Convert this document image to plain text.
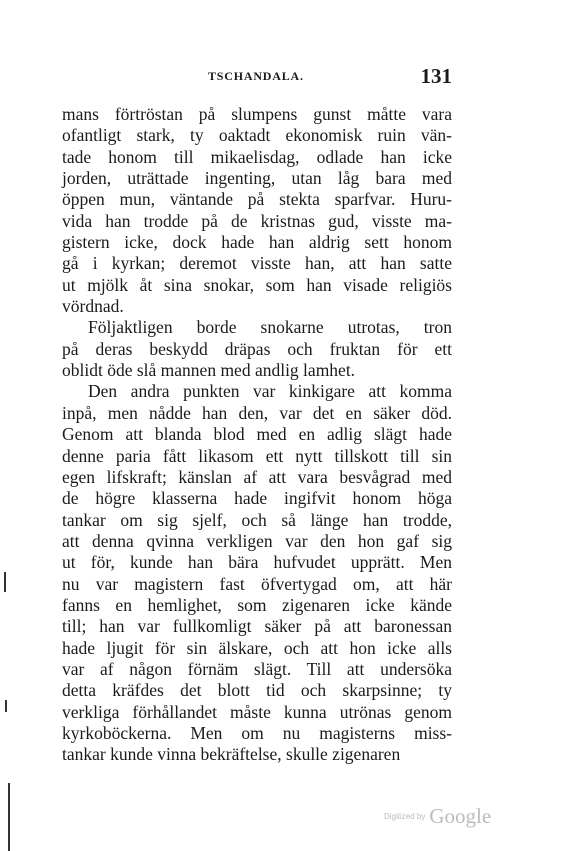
TSCHANDALA.	131
mans förtröstan på slumpens gunst måtte vara
ofantligt stark, ty oaktadt ekonomisk ruin vän-
tade honom till mikaelisdag, odlade han icke
jorden, uträttade ingenting, utan låg bara med
öppen mun, väntande på stekta sparfvar. Huru-
vida han trodde på de kristnas gud, visste ma-
gistern icke, dock hade han aldrig sett honom
gå i kyrkan; deremot visste han, att han satte
ut mjölk åt sina snokar, som han visade religiös
vördnad.
Följaktligen borde snokarne utrotas, tron
på deras beskydd dräpas och fruktan för ett
oblidt öde slå mannen med andlig lamhet.
Den andra punkten var kinkigare att komma
inpå, men nådde han den, var det en säker död.
Genom att blanda blod med en adlig slägt hade
denne paria fått likasom ett nytt tillskott till sin
egen lifskraft; känslan af att vara besvågrad med
de högre klasserna hade ingifvit honom höga
tankar om sig sjelf, och så länge han trodde,
att denna qvinna verkligen var den hon gaf sig
ut för, kunde han bära hufvudet upprätt. Men
nu var magistern fast öfvertygad om, att här
fanns en hemlighet, som zigenaren icke kände
till; han var fullkomligt säker på att baronessan
hade ljugit för sin älskare, och att hon icke alls
var af någon förnäm slägt. Till att undersöka
detta kräfdes det blott tid och skarpsinne; ty
verkliga förhållandet måste kunna utrönas genom
kyrkoböckerna. Men om nu magisterns miss-
tankar kunde vinna bekräftelse, skulle zigenaren
Digitized by Google
